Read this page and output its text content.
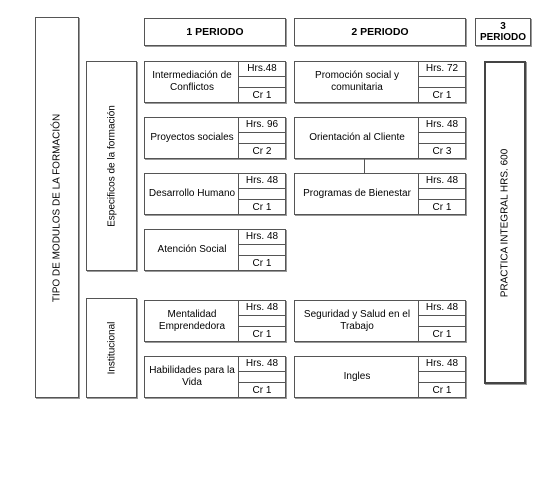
TIPO DE MODULOS DE LA FORMACIÓN	Especificos de la formación
Institucional
1 PERIODO	2 PERIODO	3
PERIODO
PRACTICA INTEGRAL HRS. 600
Intermediación de Conflictos
Hrs.48
Cr 1
Proyectos sociales
Hrs. 96
Cr 2
Desarrollo Humano
Hrs. 48
Cr 1
Atención Social
Hrs. 48
Cr 1
Mentalidad Emprendedora
Hrs. 48
Cr 1
Habilidades para la Vida
Hrs. 48
Cr 1
Promoción social y comunitaria
Hrs. 72
Cr 1
Orientación al Cliente
Hrs. 48
Cr 3
Programas de Bienestar
Hrs. 48
Cr 1
Seguridad y Salud en el Trabajo
Hrs. 48
Cr 1
Ingles
Hrs. 48
Cr 1
